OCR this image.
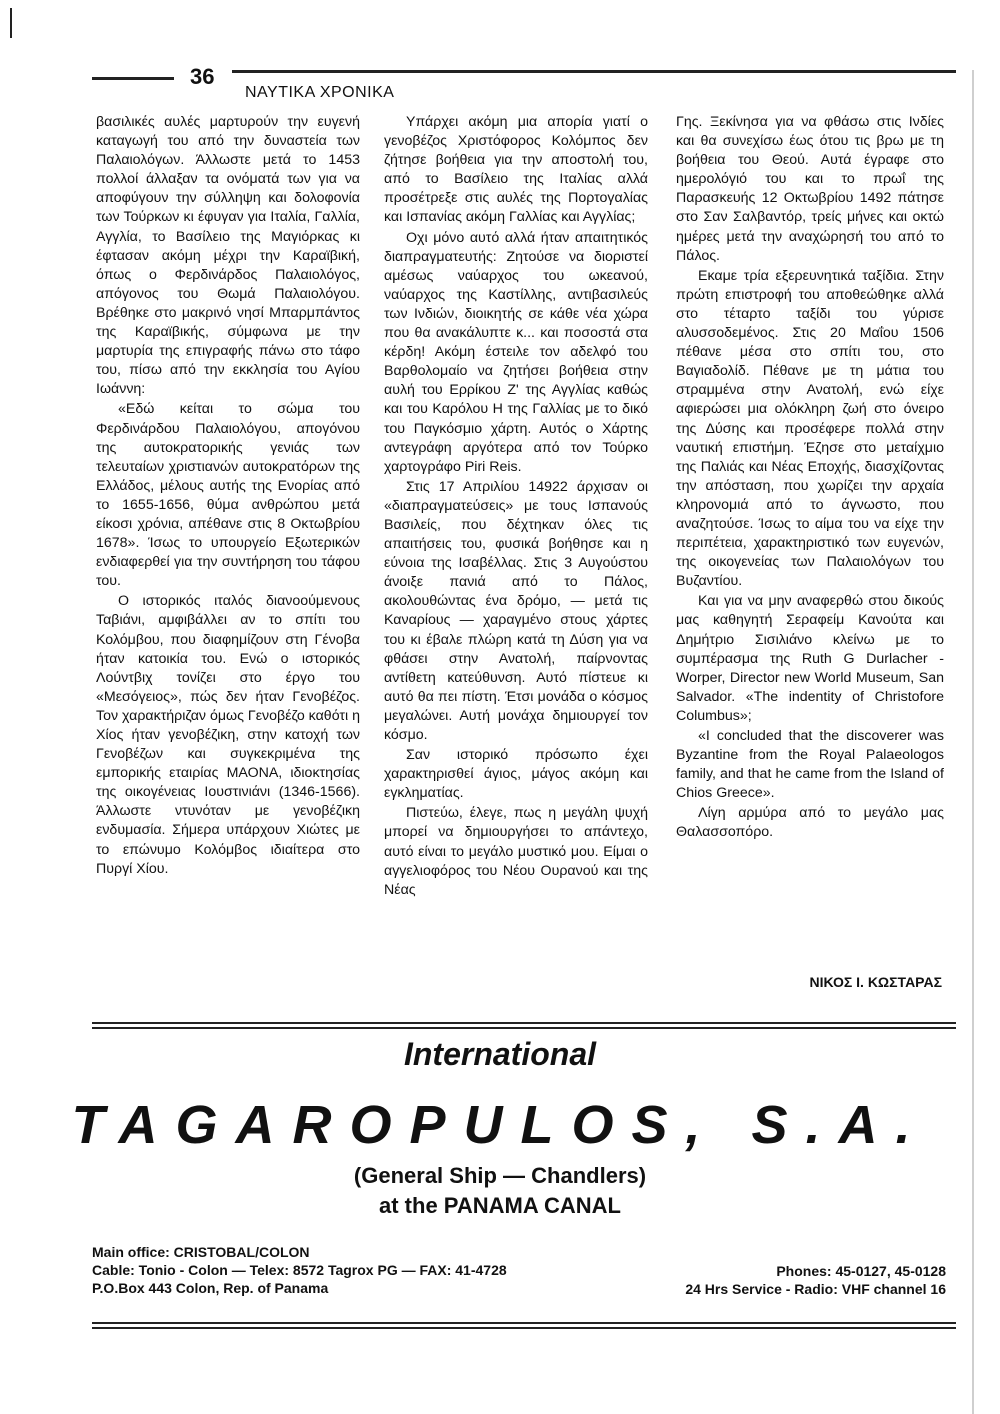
36
ΝΑΥΤΙΚΑ ΧΡΟΝΙΚΑ

βασιλικές αυλές μαρτυρούν την ευγενή καταγωγή του από την δυναστεία των Παλαιολόγων. Άλλωστε μετά το 1453 πολλοί άλλαξαν τα ονόματά των για να αποφύγουν την σύλληψη και δολοφονία των Τούρκων κι έφυγαν για Ιταλία, Γαλλία, Αγγλία, το Βασίλειο της Μαγιόρκας κι έφτασαν ακόμη μέχρι την Καραϊβική, όπως ο Φερδινάρδος Παλαιολόγος, απόγονος του Θωμά Παλαιολόγου. Βρέθηκε στο μακρινό νησί Μπαρμπάντος της Καραϊβικής, σύμφωνα με την μαρτυρία της επιγραφής πάνω στο τάφο του, πίσω από την εκκλησία του Αγίου Ιωάννη:

«Εδώ κείται το σώμα του Φερδινάρδου Παλαιολόγου, απογόνου της αυτοκρατορικής γενιάς των τελευταίων χριστιανών αυτοκρατόρων της Ελλάδος, μέλους αυτής της Ενορίας από το 1655-1656, θύμα ανθρώπου μετά είκοσι χρόνια, απέθανε στις 8 Οκτωβρίου 1678». Ίσως το υπουργείο Εξωτερικών ενδιαφερθεί για την συντήρηση του τάφου του.

Ο ιστορικός ιταλός διανοούμενους Ταβιάνι, αμφιβάλλει αν το σπίτι του Κολόμβου, που διαφημίζουν στη Γένοβα ήταν κατοικία του. Ενώ ο ιστορικός Λούντβιχ τονίζει στο έργο του «Μεσόγειος», πώς δεν ήταν Γενοβέζος. Τον χαρακτήριζαν όμως Γενοβέζο καθότι η Χίος ήταν γενοβέζικη, στην κατοχή των Γενοβέζων και συγκεκριμένα της εμπορικής εταιρίας ΜΑΟΝΑ, ιδιοκτησίας της οικογένειας Ιουστινιάνι (1346-1566). Άλλωστε ντυνόταν με γενοβέζικη ενδυμασία. Σήμερα υπάρχουν Χιώτες με το επώνυμο Κολόμβος ιδιαίτερα στο Πυργί Χίου.

Υπάρχει ακόμη μια απορία γιατί ο γενοβέζος Χριστόφορος Κολόμπος δεν ζήτησε βοήθεια για την αποστολή του, από το Βασίλειο της Ιταλίας αλλά προσέτρεξε στις αυλές της Πορτογαλίας και Ισπανίας ακόμη Γαλλίας και Αγγλίας;

Οχι μόνο αυτό αλλά ήταν απαιτητικός διαπραγματευτής: Ζητούσε να διοριστεί αμέσως ναύαρχος του ωκεανού, ναύαρχος της Καστίλλης, αντιβασιλεύς των Ινδιών, διοικητής σε κάθε νέα χώρα που θα ανακάλυπτε κ... και ποσοστά στα κέρδη! Ακόμη έστειλε τον αδελφό του Βαρθολομαίο να ζητήσει βοήθεια στην αυλή του Ερρίκου Ζ' της Αγγλίας καθώς και του Καρόλου Η της Γαλλίας με το δικό του Παγκόσμιο χάρτη. Αυτός ο Χάρτης αντεγράφη αργότερα από τον Τούρκο χαρτογράφο Piri Reis.

Στις 17 Απριλίου 14922 άρχισαν οι «διαπραγματεύσεις» με τους Ισπανούς Βασιλείς, που δέχτηκαν όλες τις απαιτήσεις του, φυσικά βοήθησε και η εύνοια της Ισαβέλλας. Στις 3 Αυγούστου άνοιξε πανιά από το Πάλος, ακολουθώντας ένα δρόμο, — μετά τις Καναρίους — χαραγμένο στους χάρτες του κι έβαλε πλώρη κατά τη Δύση για να φθάσει στην Ανατολή, παίρνοντας αντίθετη κατεύθυνση. Αυτό πίστευε κι αυτό θα πει πίστη. Έτσι μονάδα ο κόσμος μεγαλώνει. Αυτή μονάχα δημιουργεί τον κόσμο.

Σαν ιστορικό πρόσωπο έχει χαρακτηρισθεί άγιος, μάγος ακόμη και εγκληματίας.

Πιστεύω, έλεγε, πως η μεγάλη ψυχή μπορεί να δημιουργήσει το απάντεχο, αυτό είναι το μεγάλο μυστικό μου. Είμαι ο αγγελιοφόρος του Νέου Ουρανού και της Νέας

Γης. Ξεκίνησα για να φθάσω στις Ινδίες και θα συνεχίσω έως ότου τις βρω με τη βοήθεια του Θεού. Αυτά έγραφε στο ημερολόγιό του και το πρωΐ της Παρασκευής 12 Οκτωβρίου 1492 πάτησε στο Σαν Σαλβαντόρ, τρείς μήνες και οκτώ ημέρες μετά την αναχώρησή του από το Πάλος.

Εκαμε τρία εξερευνητικά ταξίδια. Στην πρώτη επιστροφή του αποθεώθηκε αλλά στο τέταρτο ταξίδι του γύρισε αλυσσοδεμένος. Στις 20 Μαΐου 1506 πέθανε μέσα στο σπίτι του, στο Βαγιαδολίδ. Πέθανε με τη μάτια του στραμμένα στην Ανατολή, ενώ είχε αφιερώσει μια ολόκληρη ζωή στο όνειρο της Δύσης και προσέφερε πολλά στην ναυτική επιστήμη. Έζησε στο μεταίχμιο της Παλιάς και Νέας Εποχής, διασχίζοντας την απόσταση, που χωρίζει την αρχαία κληρονομιά από το άγνωστο, που αναζητούσε. Ίσως το αίμα του να είχε την περιπέτεια, χαρακτηριστικό των ευγενών, της οικογενείας των Παλαιολόγων του Βυζαντίου.

Και για να μην αναφερθώ στου δικούς μας καθηγητή Σεραφείμ Κανούτα και Δημήτριο Σισιλιάνο κλείνω με το συμπέρασμα της Ruth G Durlacher - Worper, Director new World Museum, San Salvador. «The indentity of Christofore Columbus»;

«I concluded that the discoverer was Byzantine from the Royal Palaeologos family, and that he came from the Island of Chios Greece».

Λίγη αρμύρα από το μεγάλο μας Θαλασσοπόρο.

ΝΙΚΟΣ Ι. ΚΩΣΤΑΡΑΣ
International
TAGAROPULOS, S.A.
(General Ship — Chandlers)
at the PANAMA CANAL
Main office: CRISTOBAL/COLON
Cable: Tonio - Colon — Telex: 8572 Tagrox PG — FAX: 41-4728
P.O.Box 443 Colon, Rep. of Panama
Phones: 45-0127, 45-0128
24 Hrs Service - Radio: VHF channel 16
